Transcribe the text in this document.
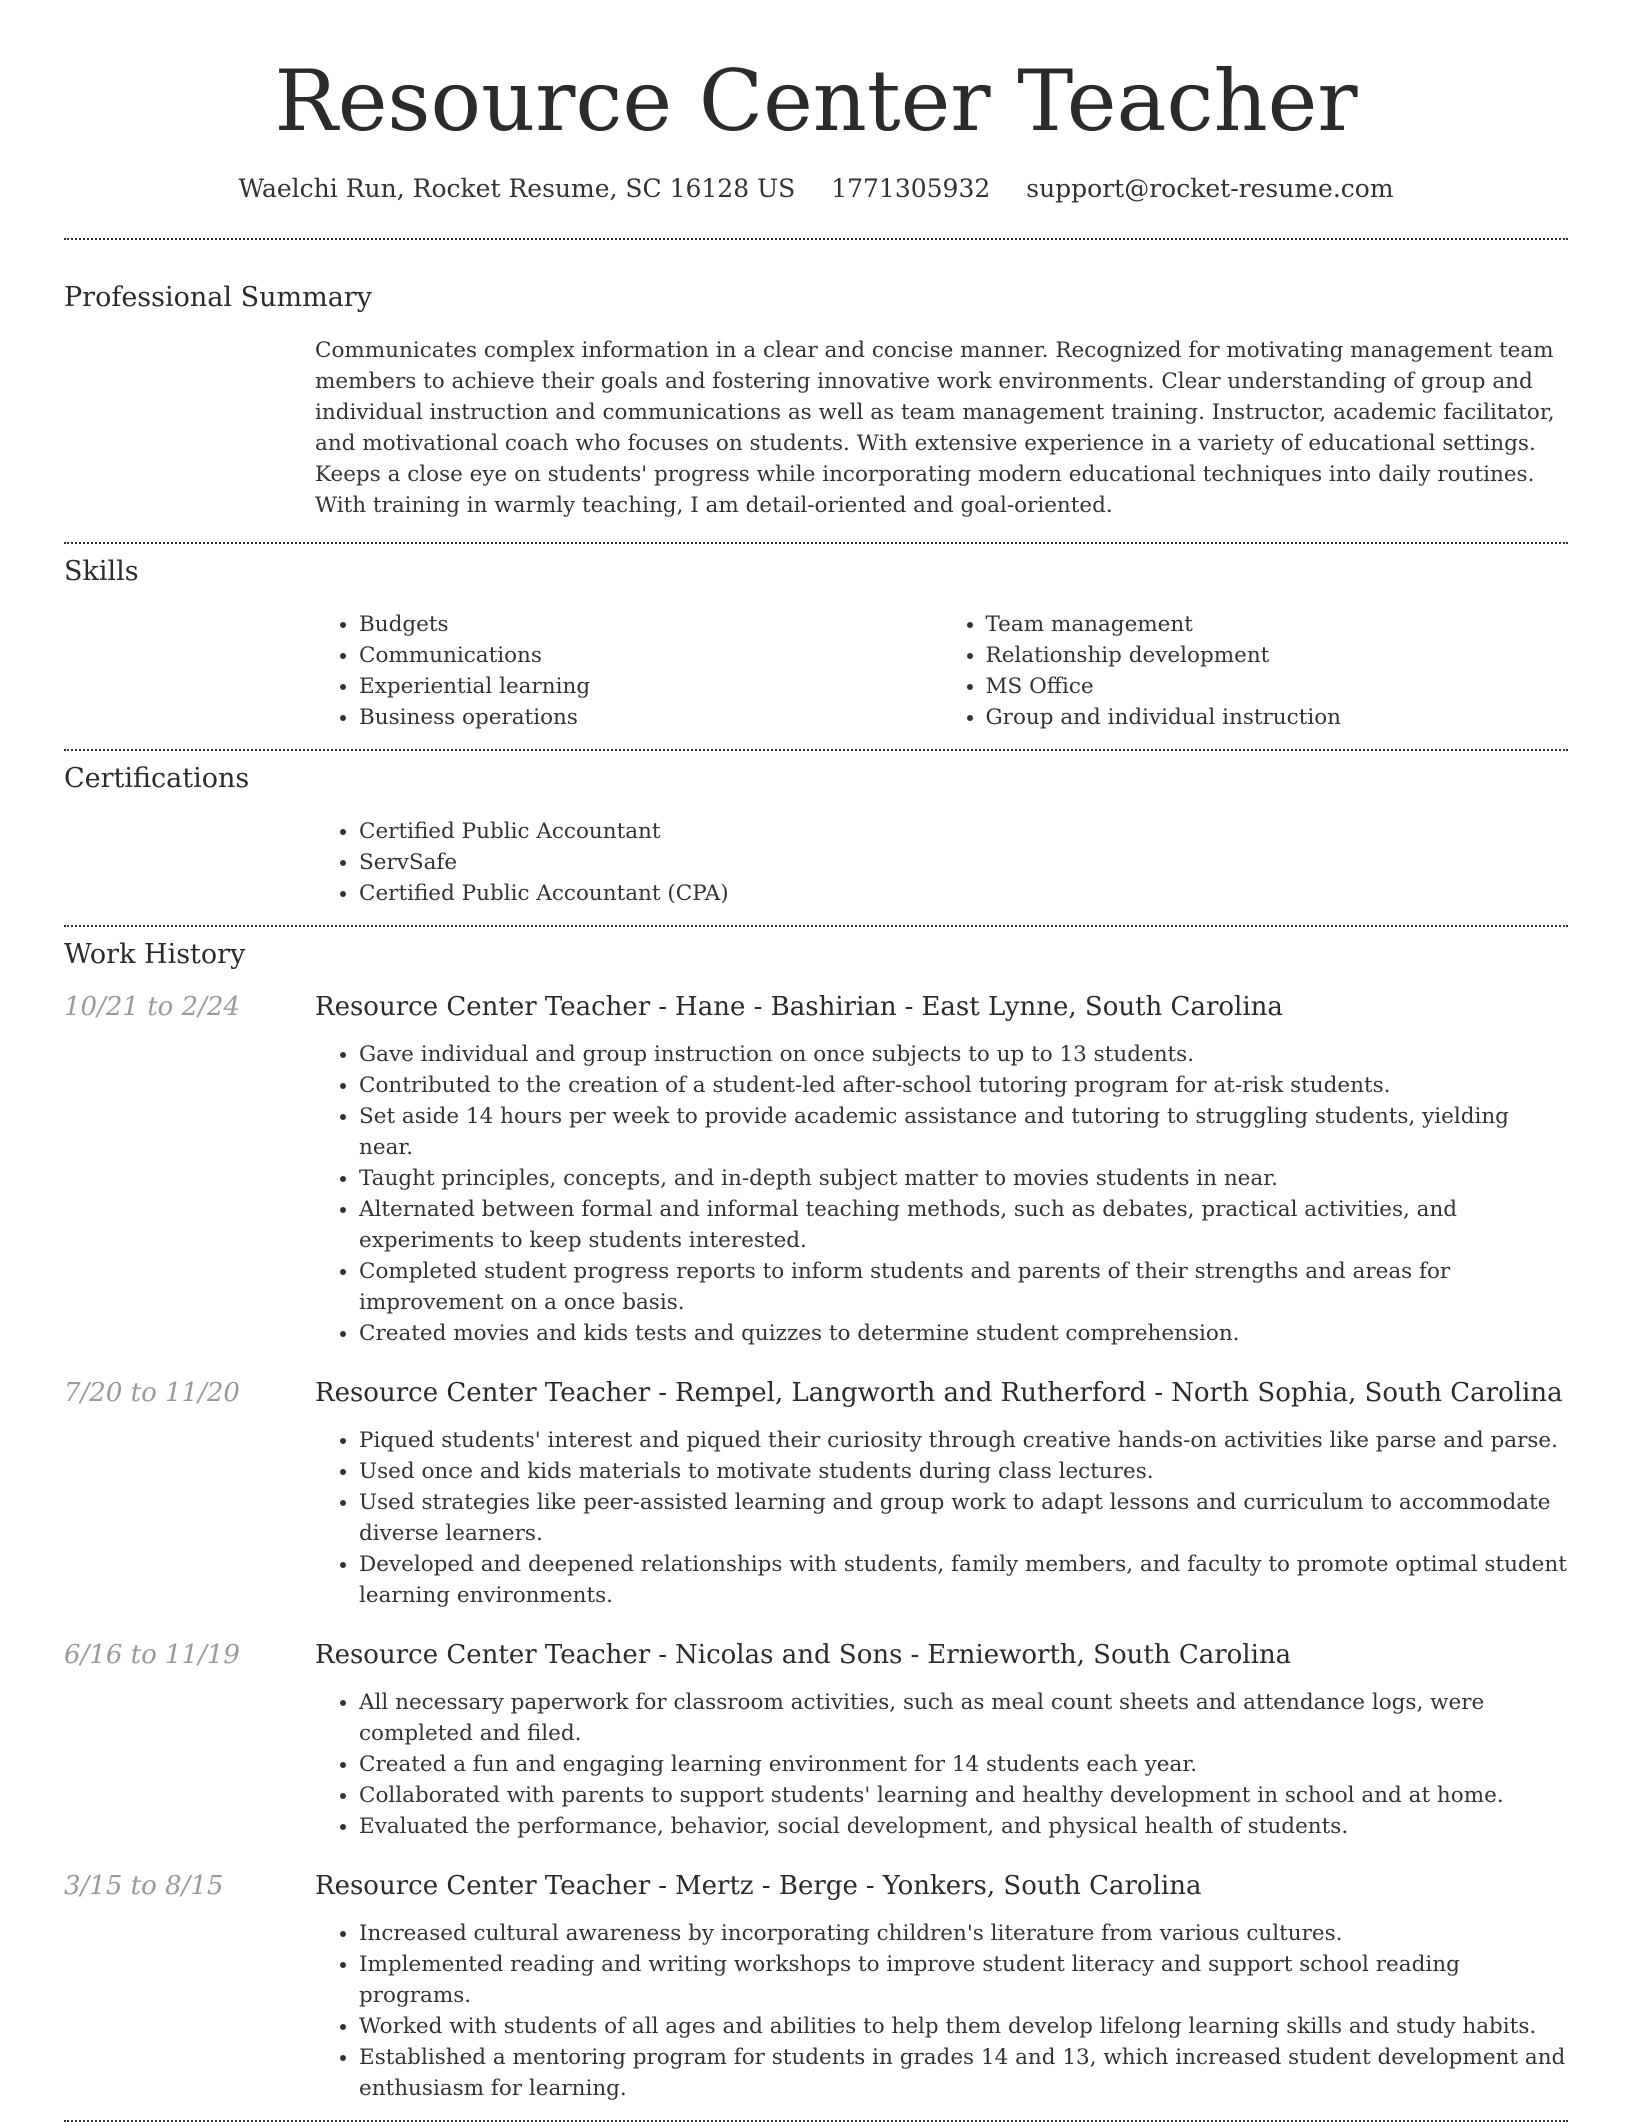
Resource Center Teacher
Waelchi Run, Rocket Resume, SC 16128 US 1771305932 support@rocket-resume.com
Professional Summary
Communicates complex information in a clear and concise manner. Recognized for motivating management team members to achieve their goals and fostering innovative work environments. Clear understanding of group and individual instruction and communications as well as team management training. Instructor, academic facilitator, and motivational coach who focuses on students. With extensive experience in a variety of educational settings. Keeps a close eye on students' progress while incorporating modern educational techniques into daily routines. With training in warmly teaching, I am detail-oriented and goal-oriented.
Skills
• Budgets
• Communications
• Experiential learning
• Business operations
• Team management
• Relationship development
• MS Office
• Group and individual instruction
Certifications
• Certified Public Accountant
• ServSafe
• Certified Public Accountant (CPA)
Work History
10/21 to 2/24	Resource Center Teacher - Hane - Bashirian - East Lynne, South Carolina
• Gave individual and group instruction on once subjects to up to 13 students.
• Contributed to the creation of a student-led after-school tutoring program for at-risk students.
• Set aside 14 hours per week to provide academic assistance and tutoring to struggling students, yielding near.
• Taught principles, concepts, and in-depth subject matter to movies students in near.
• Alternated between formal and informal teaching methods, such as debates, practical activities, and experiments to keep students interested.
• Completed student progress reports to inform students and parents of their strengths and areas for improvement on a once basis.
• Created movies and kids tests and quizzes to determine student comprehension.
7/20 to 11/20	Resource Center Teacher - Rempel, Langworth and Rutherford - North Sophia, South Carolina
• Piqued students' interest and piqued their curiosity through creative hands-on activities like parse and parse.
• Used once and kids materials to motivate students during class lectures.
• Used strategies like peer-assisted learning and group work to adapt lessons and curriculum to accommodate diverse learners.
• Developed and deepened relationships with students, family members, and faculty to promote optimal student learning environments.
6/16 to 11/19	Resource Center Teacher - Nicolas and Sons - Ernieworth, South Carolina
• All necessary paperwork for classroom activities, such as meal count sheets and attendance logs, were completed and filed.
• Created a fun and engaging learning environment for 14 students each year.
• Collaborated with parents to support students' learning and healthy development in school and at home.
• Evaluated the performance, behavior, social development, and physical health of students.
3/15 to 8/15	Resource Center Teacher - Mertz - Berge - Yonkers, South Carolina
• Increased cultural awareness by incorporating children's literature from various cultures.
• Implemented reading and writing workshops to improve student literacy and support school reading programs.
• Worked with students of all ages and abilities to help them develop lifelong learning skills and study habits.
• Established a mentoring program for students in grades 14 and 13, which increased student development and enthusiasm for learning.
